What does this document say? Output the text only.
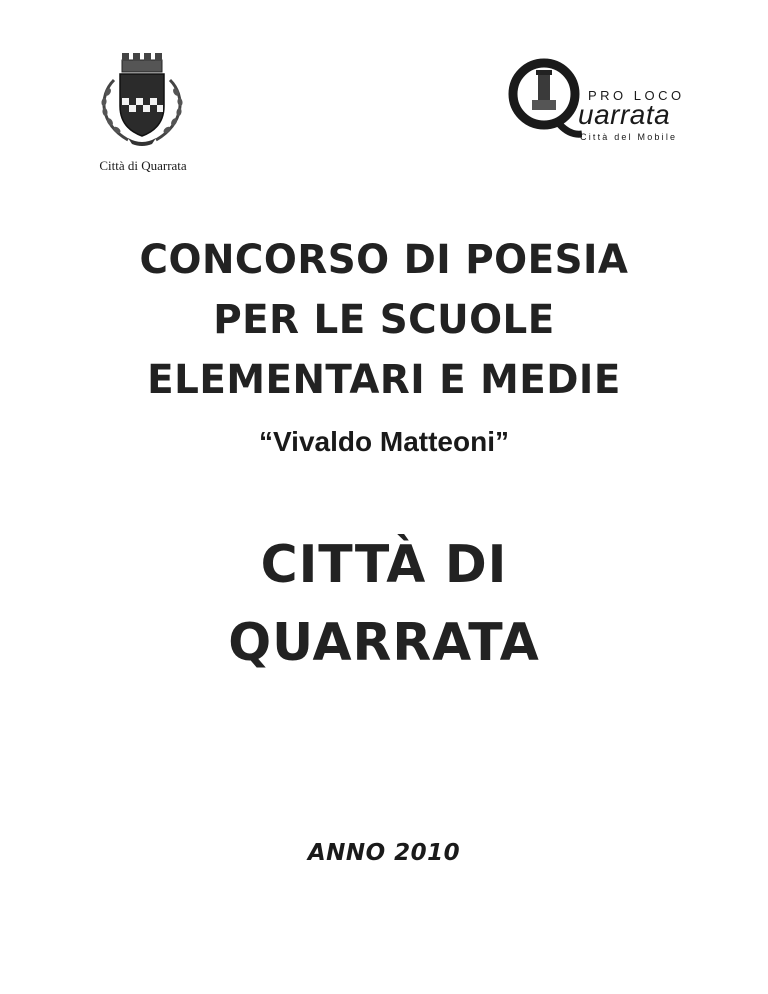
Città di Quarrata
PRO LOCO
uarrata
Città del Mobile
CONCORSO DI POESIA
PER LE SCUOLE
ELEMENTARI E MEDIE
“Vivaldo Matteoni”
CITTÀ DI
QUARRATA
ANNO 2010
